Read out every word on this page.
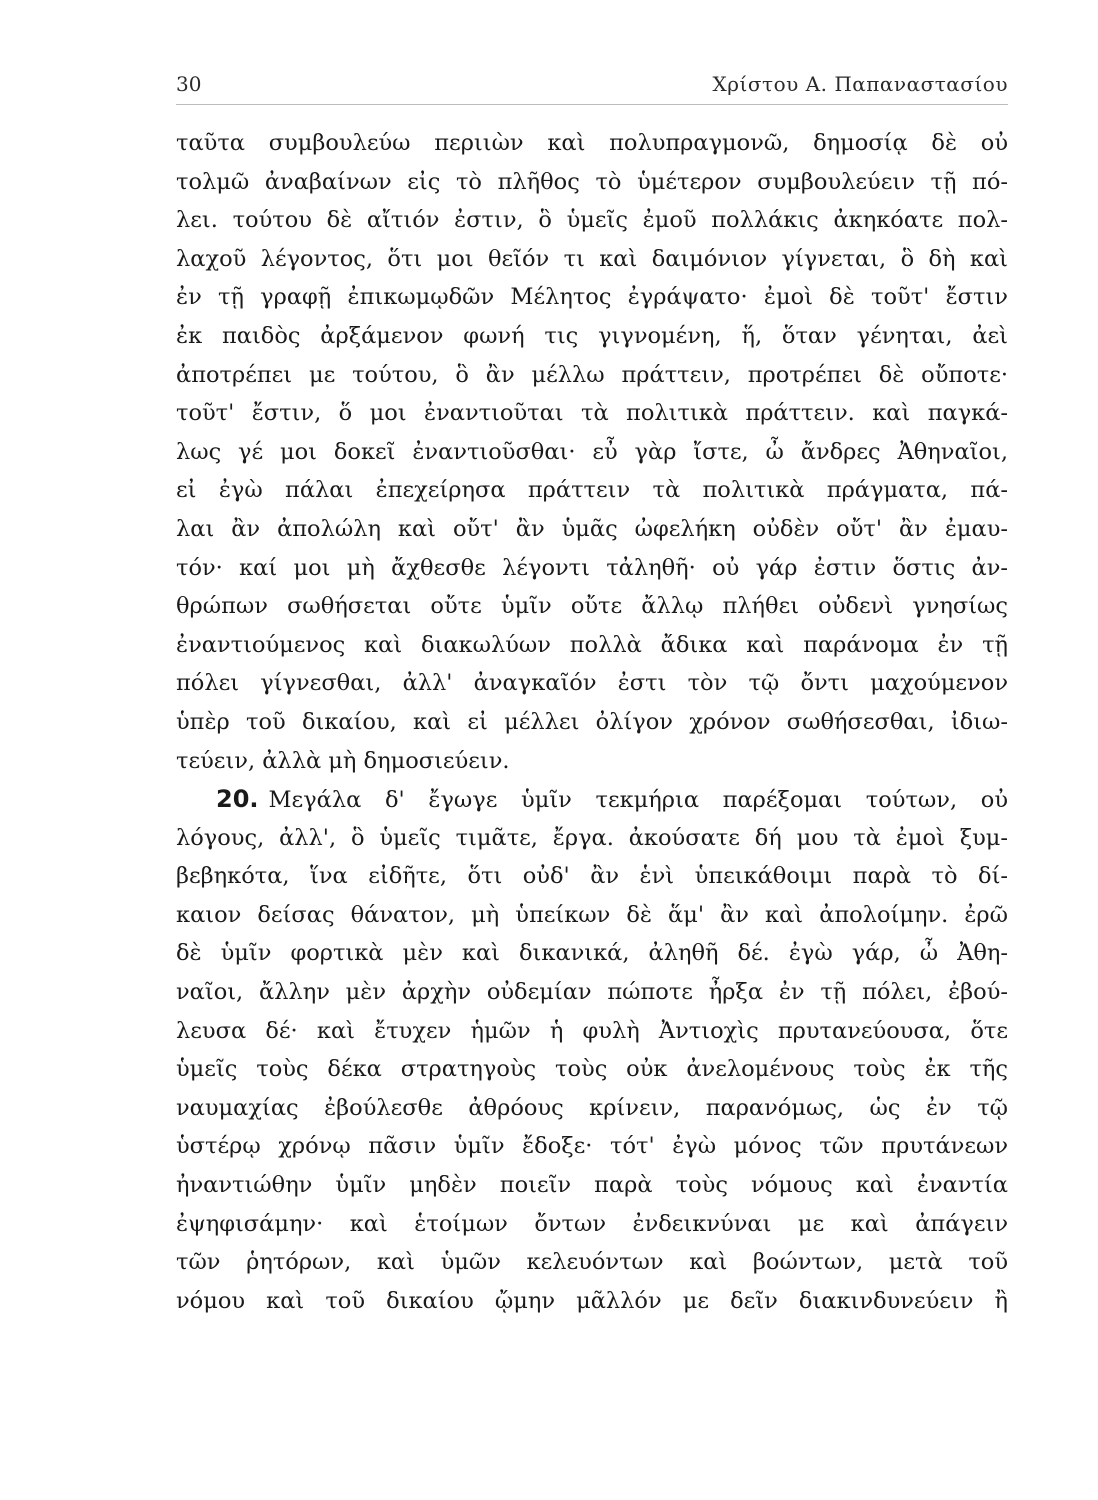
30	Χρίστου Α. Παπαναστασίου
ταῦτα συμβουλεύω περιιὼν καὶ πολυπραγμονῶ, δημοσίᾳ δὲ οὐ
τολμῶ ἀναβαίνων εἰς τὸ πλῆθος τὸ ὑμέτερον συμβουλεύειν τῇ πό-
λει. τούτου δὲ αἴτιόν ἐστιν, ὃ ὑμεῖς ἐμοῦ πολλάκις ἀκηκόατε πολ-
λαχοῦ λέγοντος, ὅτι μοι θεῖόν τι καὶ δαιμόνιον γίγνεται, ὃ δὴ καὶ
ἐν τῇ γραφῇ ἐπικωμῳδῶν Μέλητος ἐγράψατο· ἐμοὶ δὲ τοῦτ' ἔστιν
ἐκ παιδὸς ἀρξάμενον φωνή τις γιγνομένη, ἥ, ὅταν γένηται, ἀεὶ
ἀποτρέπει με τούτου, ὃ ἂν μέλλω πράττειν, προτρέπει δὲ οὔποτε·
τοῦτ' ἔστιν, ὅ μοι ἐναντιοῦται τὰ πολιτικὰ πράττειν. καὶ παγκά-
λως γέ μοι δοκεῖ ἐναντιοῦσθαι· εὖ γὰρ ἴστε, ὦ ἄνδρες Ἀθηναῖοι,
εἰ ἐγὼ πάλαι ἐπεχείρησα πράττειν τὰ πολιτικὰ πράγματα, πά-
λαι ἂν ἀπολώλη καὶ οὔτ' ἂν ὑμᾶς ὠφελήκη οὐδὲν οὔτ' ἂν ἐμαυ-
τόν· καί μοι μὴ ἄχθεσθε λέγοντι τἀληθῆ· οὐ γάρ ἐστιν ὅστις ἀν-
θρώπων σωθήσεται οὔτε ὑμῖν οὔτε ἄλλῳ πλήθει οὐδενὶ γνησίως
ἐναντιούμενος καὶ διακωλύων πολλὰ ἄδικα καὶ παράνομα ἐν τῇ
πόλει γίγνεσθαι, ἀλλ' ἀναγκαῖόν ἐστι τὸν τῷ ὄντι μαχούμενον
ὑπὲρ τοῦ δικαίου, καὶ εἰ μέλλει ὀλίγον χρόνον σωθήσεσθαι, ἰδιω-
τεύειν, ἀλλὰ μὴ δημοσιεύειν.
20. Μεγάλα δ' ἔγωγε ὑμῖν τεκμήρια παρέξομαι τούτων, οὐ
λόγους, ἀλλ', ὃ ὑμεῖς τιμᾶτε, ἔργα. ἀκούσατε δή μου τὰ ἐμοὶ ξυμ-
βεβηκότα, ἵνα εἰδῆτε, ὅτι οὐδ' ἂν ἑνὶ ὑπεικάθοιμι παρὰ τὸ δί-
καιον δείσας θάνατον, μὴ ὑπείκων δὲ ἅμ' ἂν καὶ ἀπολοίμην. ἐρῶ
δὲ ὑμῖν φορτικὰ μὲν καὶ δικανικά, ἀληθῆ δέ. ἐγὼ γάρ, ὦ Ἀθη-
ναῖοι, ἄλλην μὲν ἀρχὴν οὐδεμίαν πώποτε ἦρξα ἐν τῇ πόλει, ἐβού-
λευσα δέ· καὶ ἔτυχεν ἡμῶν ἡ φυλὴ Ἀντιοχὶς πρυτανεύουσα, ὅτε
ὑμεῖς τοὺς δέκα στρατηγοὺς τοὺς οὐκ ἀνελομένους τοὺς ἐκ τῆς
ναυμαχίας ἐβούλεσθε ἀθρόους κρίνειν, παρανόμως, ὡς ἐν τῷ
ὑστέρῳ χρόνῳ πᾶσιν ὑμῖν ἔδοξε· τότ' ἐγὼ μόνος τῶν πρυτάνεων
ἠναντιώθην ὑμῖν μηδὲν ποιεῖν παρὰ τοὺς νόμους καὶ ἐναντία
ἐψηφισάμην· καὶ ἑτοίμων ὄντων ἐνδεικνύναι με καὶ ἀπάγειν
τῶν ῥητόρων, καὶ ὑμῶν κελευόντων καὶ βοώντων, μετὰ τοῦ
νόμου καὶ τοῦ δικαίου ᾤμην μᾶλλόν με δεῖν διακινδυνεύειν ἢ
